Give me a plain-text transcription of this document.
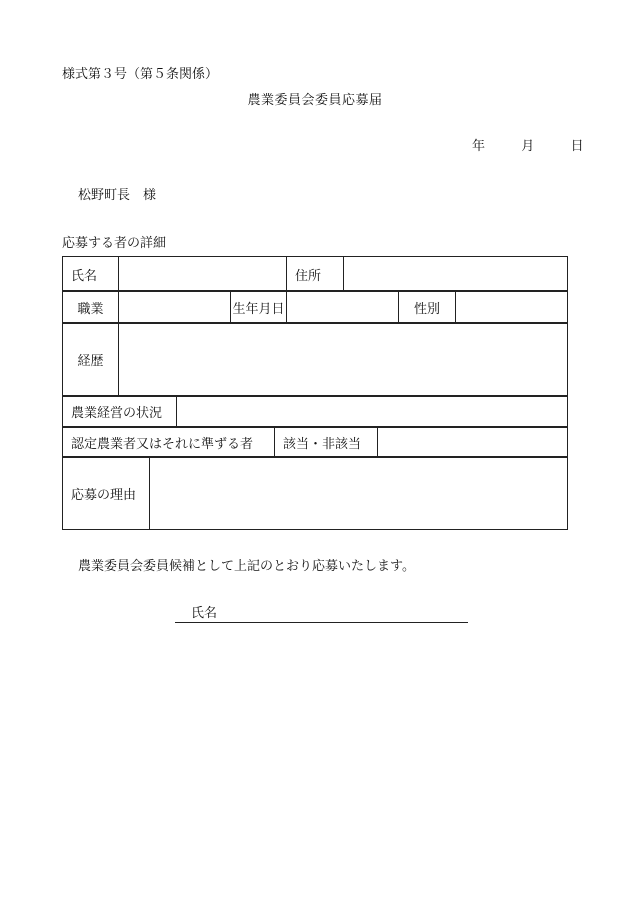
様式第３号（第５条関係）
農業委員会委員応募届
年	月	日
松野町長　様
応募する者の詳細
氏名		住所	
職業		生年月日		性別	
経歴	
農業経営の状況	
認定農業者又はそれに準ずる者	該当・非該当	
応募の理由	
農業委員会委員候補として上記のとおり応募いたします。
氏名
